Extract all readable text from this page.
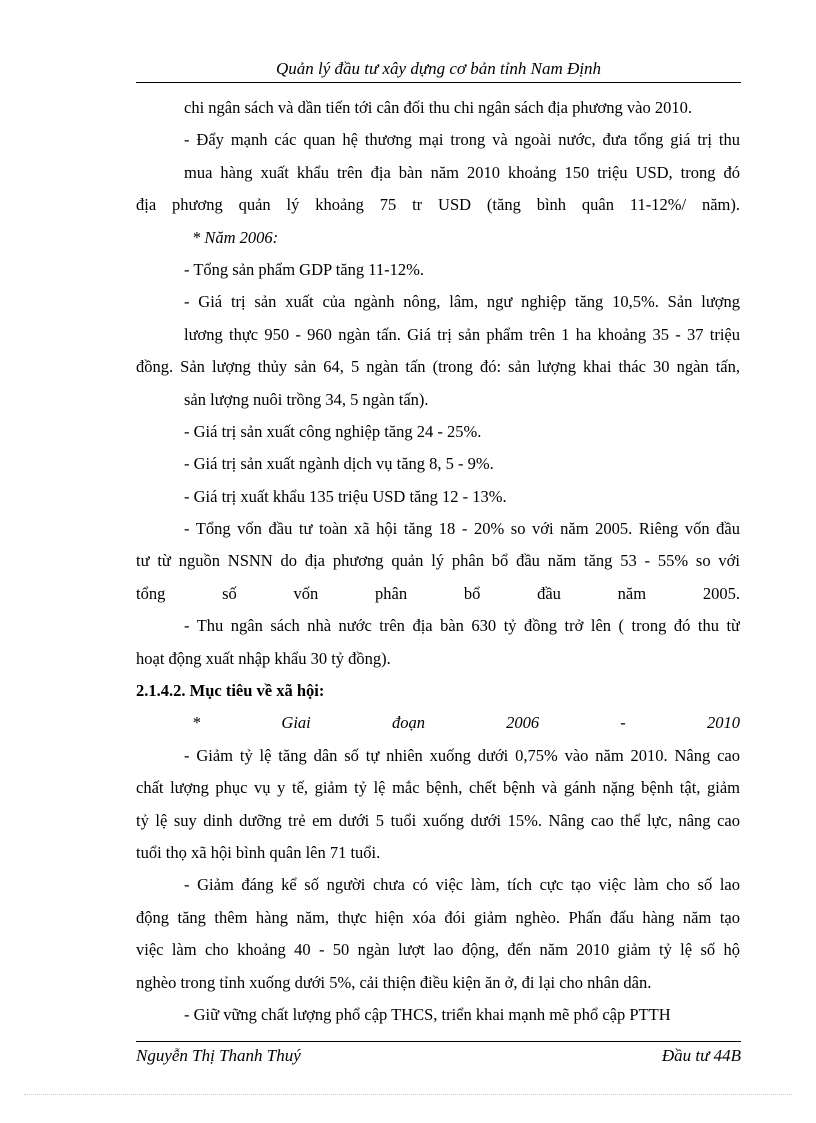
Quản lý đầu tư xây dựng cơ bản tỉnh Nam Định
chi ngân sách và dần tiến tới cân đối thu chi ngân sách địa phương vào 2010.
- Đẩy mạnh các quan hệ thương mại trong và ngoài nước, đưa tổng giá trị thu
mua hàng xuất khẩu trên địa bàn năm 2010 khoảng 150 triệu USD, trong đó
địa phương quản lý khoảng 75 tr USD (tăng bình quân 11-12%/ năm).
* Năm 2006:
- Tổng sản phẩm GDP tăng 11-12%.
- Giá trị sản xuất của ngành nông, lâm, ngư nghiệp tăng 10,5%. Sản lượng
lương thực 950 - 960 ngàn tấn. Giá trị sản phẩm trên 1 ha khoảng 35 - 37 triệu
đồng. Sản lượng thủy sản 64, 5 ngàn tấn (trong đó: sản lượng khai thác 30 ngàn tấn,
sản lượng nuôi trồng 34, 5 ngàn tấn).
- Giá trị sản xuất công nghiệp tăng 24 - 25%.
- Giá trị sản xuất ngành dịch vụ tăng 8, 5 - 9%.
- Giá trị xuất khẩu 135 triệu USD tăng 12 - 13%.
- Tổng vốn đầu tư toàn xã hội tăng 18 - 20% so với năm 2005. Riêng vốn đầu
tư từ nguồn NSNN do địa phương quản lý phân bổ đầu năm tăng 53 - 55% so với
tổng	số	vốn	phân	bổ	đầu	năm	2005.
- Thu ngân sách nhà nước trên địa bàn 630 tỷ đồng trở lên ( trong đó thu từ
hoạt động xuất nhập khẩu 30 tỷ đồng).
2.1.4.2. Mục tiêu về xã hội:
*	Giai	đoạn	2006	-	2010
- Giảm tỷ lệ tăng dân số tự nhiên xuống dưới 0,75% vào năm 2010. Nâng cao
chất lượng phục vụ y tế, giảm tỷ lệ mắc bệnh, chết bệnh và gánh nặng bệnh tật, giảm
tỷ lệ suy dinh dưỡng trẻ em dưới 5 tuổi xuống dưới 15%. Nâng cao thể lực, nâng cao
tuổi thọ xã hội bình quân lên 71 tuổi.
- Giảm đáng kể số người chưa có việc làm, tích cực tạo việc làm cho số lao
động tăng thêm hàng năm, thực hiện xóa đói giảm nghèo. Phấn đấu hàng năm tạo
việc làm cho khoảng 40 - 50 ngàn lượt lao động, đến năm 2010 giảm tỷ lệ số hộ
nghèo trong tỉnh xuống dưới 5%, cải thiện điều kiện ăn ở, đi lại cho nhân dân.
- Giữ vững chất lượng phổ cập THCS, triển khai mạnh mẽ phổ cập PTTH
Nguyễn Thị Thanh Thuý	Đầu tư 44B
